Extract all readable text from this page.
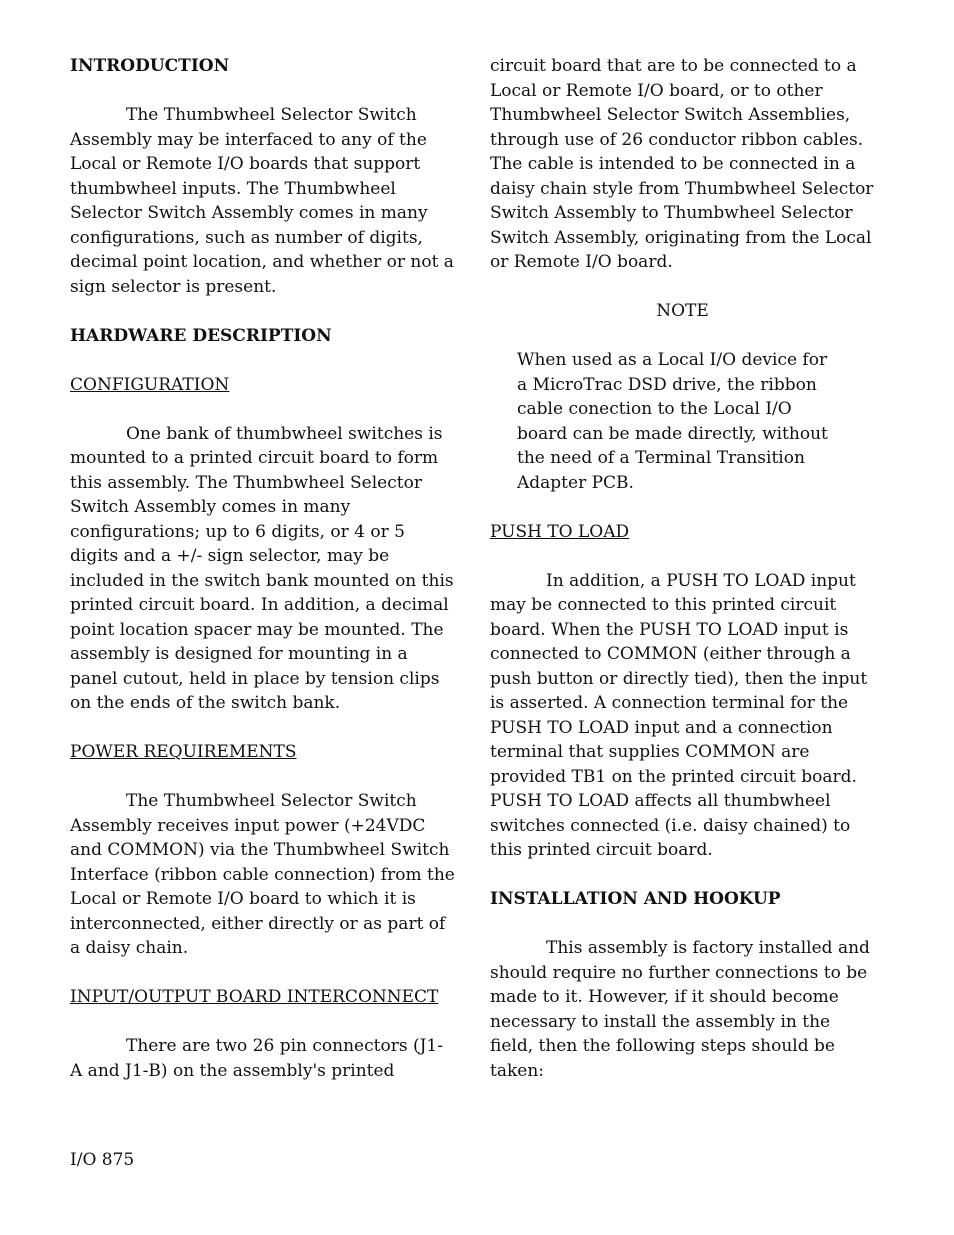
INTRODUCTION

The Thumbwheel Selector Switch Assembly may be interfaced to any of the Local or Remote I/O boards that support thumbwheel inputs. The Thumbwheel Selector Switch Assembly comes in many configurations, such as number of digits, decimal point location, and whether or not a sign selector is present.

HARDWARE DESCRIPTION

CONFIGURATION

One bank of thumbwheel switches is mounted to a printed circuit board to form this assembly. The Thumbwheel Selector Switch Assembly comes in many configurations; up to 6 digits, or 4 or 5 digits and a +/- sign selector, may be included in the switch bank mounted on this printed circuit board. In addition, a decimal point location spacer may be mounted. The assembly is designed for mounting in a panel cutout, held in place by tension clips on the ends of the switch bank.

POWER REQUIREMENTS

The Thumbwheel Selector Switch Assembly receives input power (+24VDC and COMMON) via the Thumbwheel Switch Interface (ribbon cable connection) from the Local or Remote I/O board to which it is interconnected, either directly or as part of a daisy chain.

INPUT/OUTPUT BOARD INTERCONNECT

There are two 26 pin connectors (J1-A and J1-B) on the assembly's printed

circuit board that are to be connected to a Local or Remote I/O board, or to other Thumbwheel Selector Switch Assemblies, through use of 26 conductor ribbon cables. The cable is intended to be connected in a daisy chain style from Thumbwheel Selector Switch Assembly to Thumbwheel Selector Switch Assembly, originating from the Local or Remote I/O board.

NOTE

When used as a Local I/O device for a MicroTrac DSD drive, the ribbon cable conection to the Local I/O board can be made directly, without the need of a Terminal Transition Adapter PCB.

PUSH TO LOAD

In addition, a PUSH TO LOAD input may be connected to this printed circuit board. When the PUSH TO LOAD input is connected to COMMON (either through a push button or directly tied), then the input is asserted. A connection terminal for the PUSH TO LOAD input and a connection terminal that supplies COMMON are provided TB1 on the printed circuit board. PUSH TO LOAD affects all thumbwheel switches connected (i.e. daisy chained) to this printed circuit board.

INSTALLATION AND HOOKUP

This assembly is factory installed and should require no further connections to be made to it. However, if it should become necessary to install the assembly in the field, then the following steps should be taken:

I/O 875
